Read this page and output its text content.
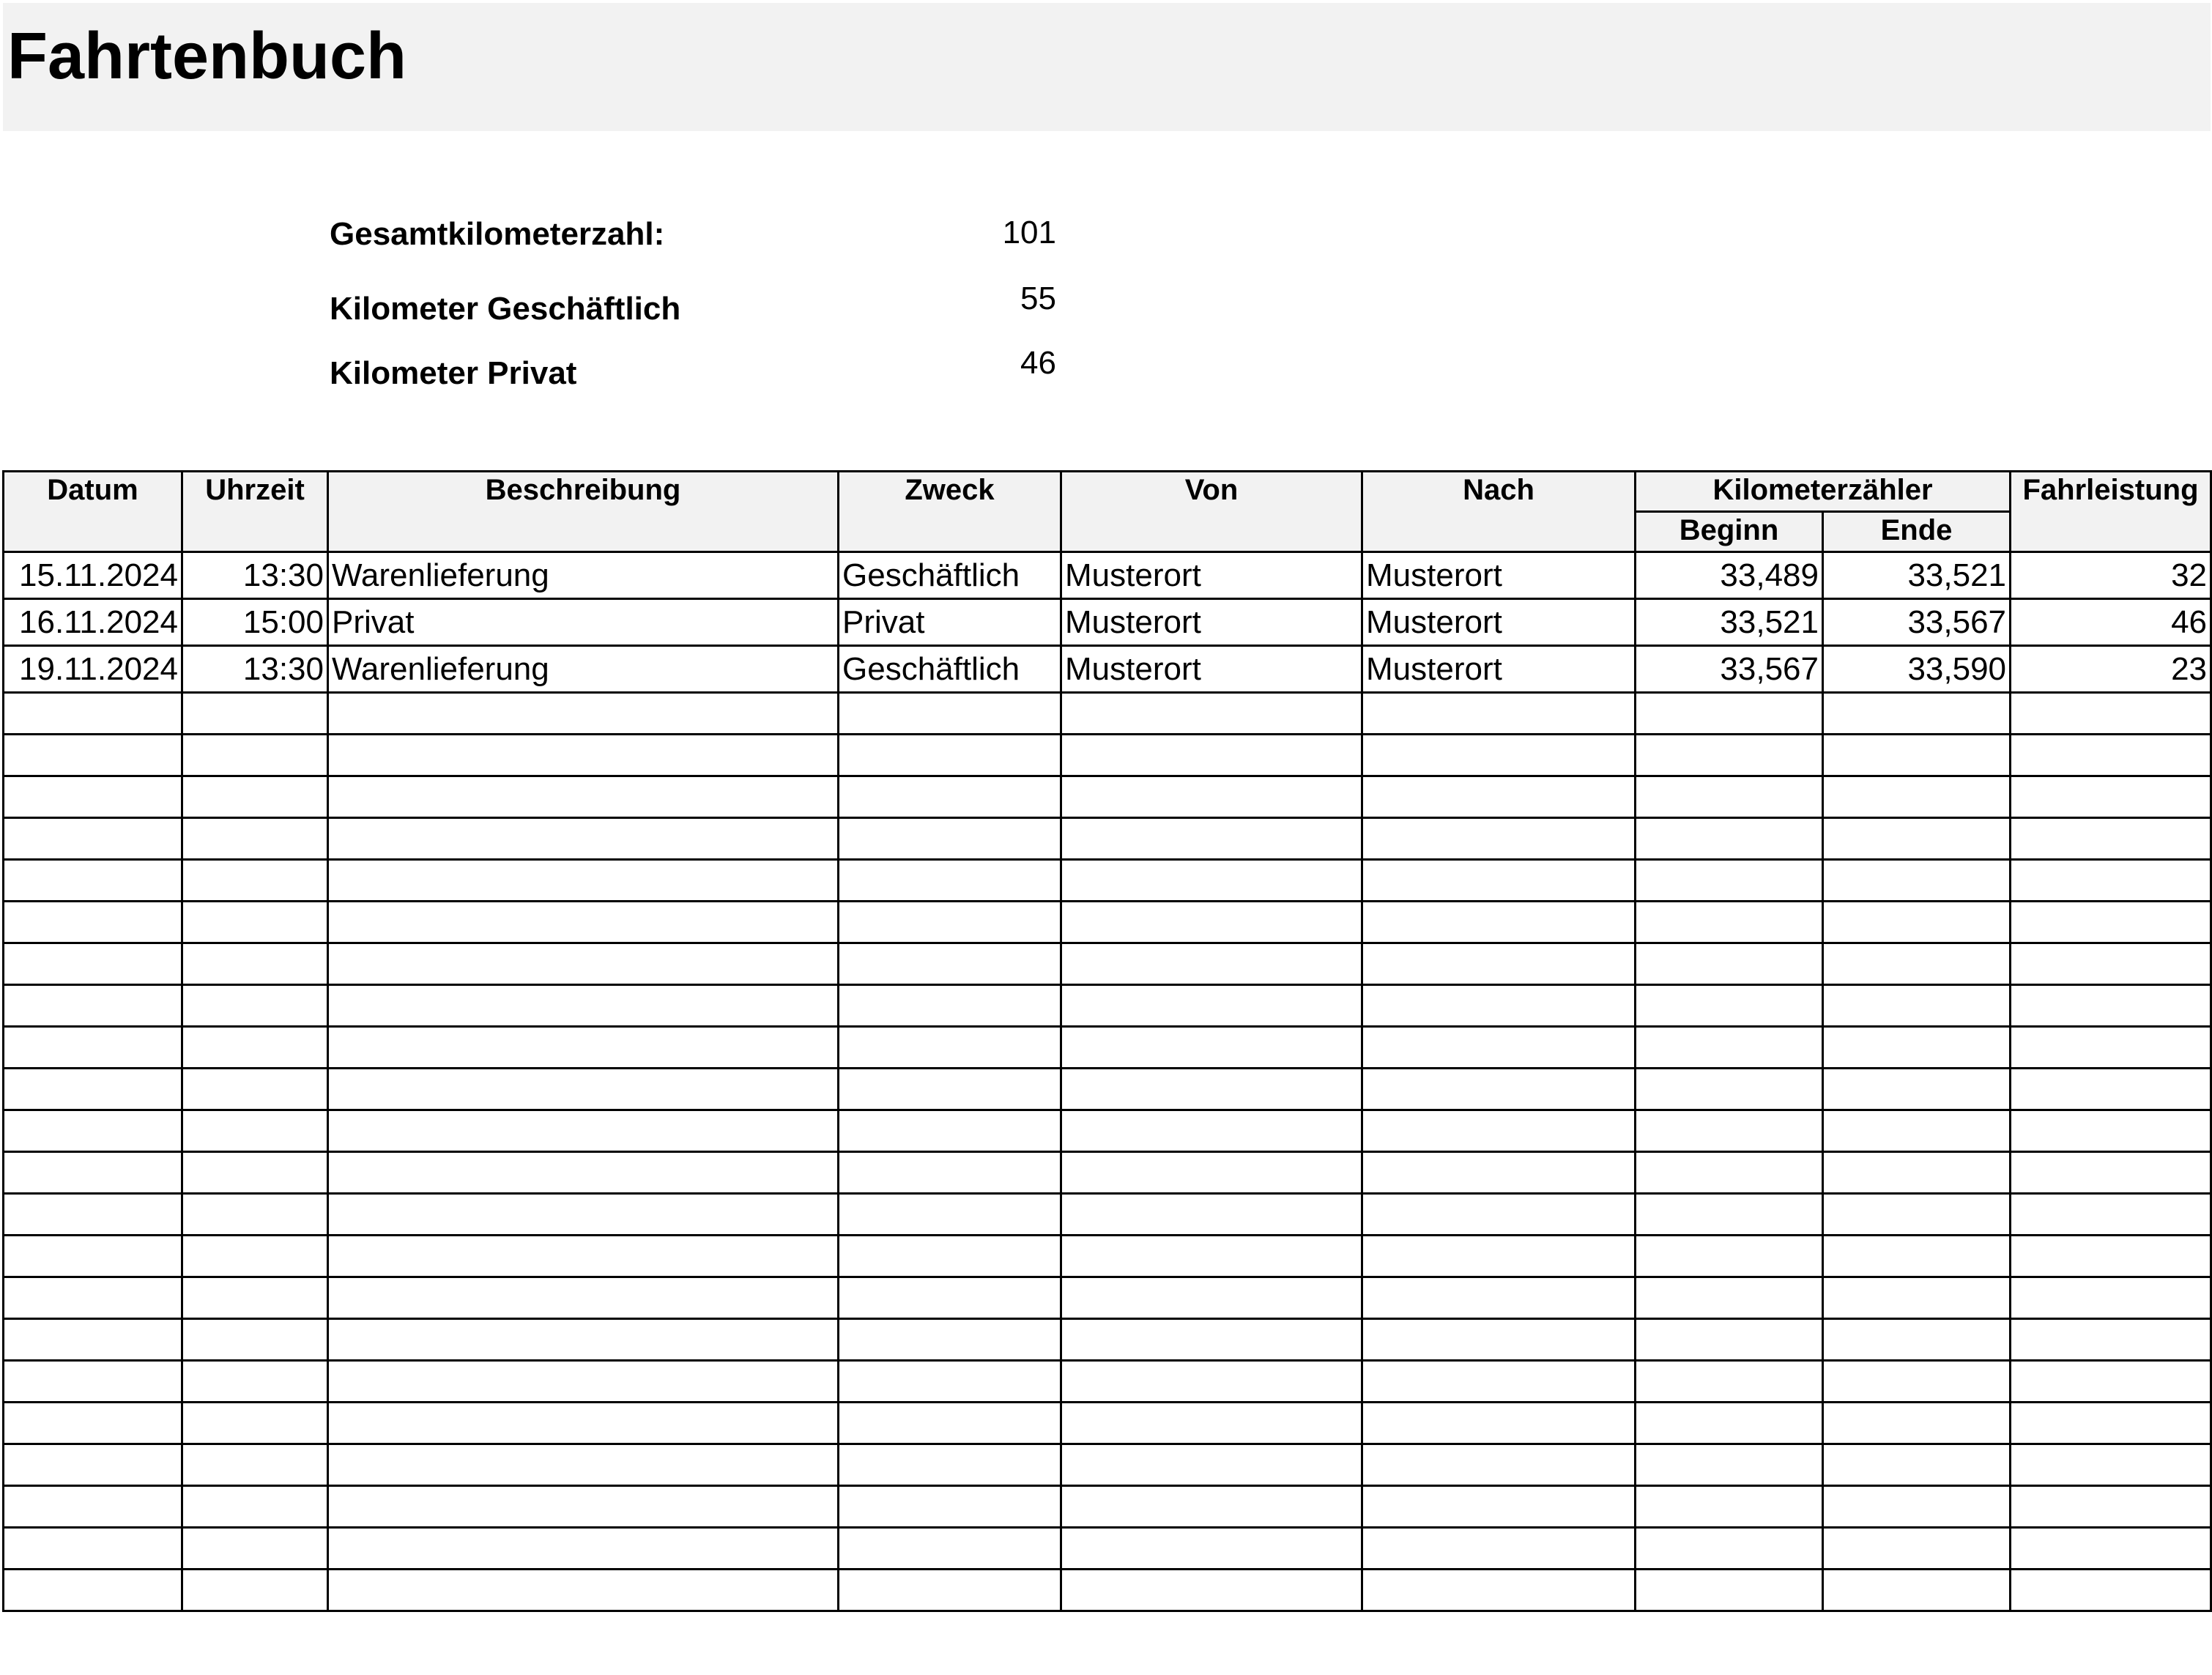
Fahrtenbuch
Gesamtkilometerzahl:	101
Kilometer Geschäftlich	55
Kilometer Privat	46
Datum	Uhrzeit	Beschreibung	Zweck	Von	Nach	Kilometerzähler		Fahrleistung
						Beginn	Ende	
15.11.2024	13:30	Warenlieferung	Geschäftlich	Musterort	Musterort	33,489	33,521	32
16.11.2024	15:00	Privat	Privat	Musterort	Musterort	33,521	33,567	46
19.11.2024	13:30	Warenlieferung	Geschäftlich	Musterort	Musterort	33,567	33,590	23
